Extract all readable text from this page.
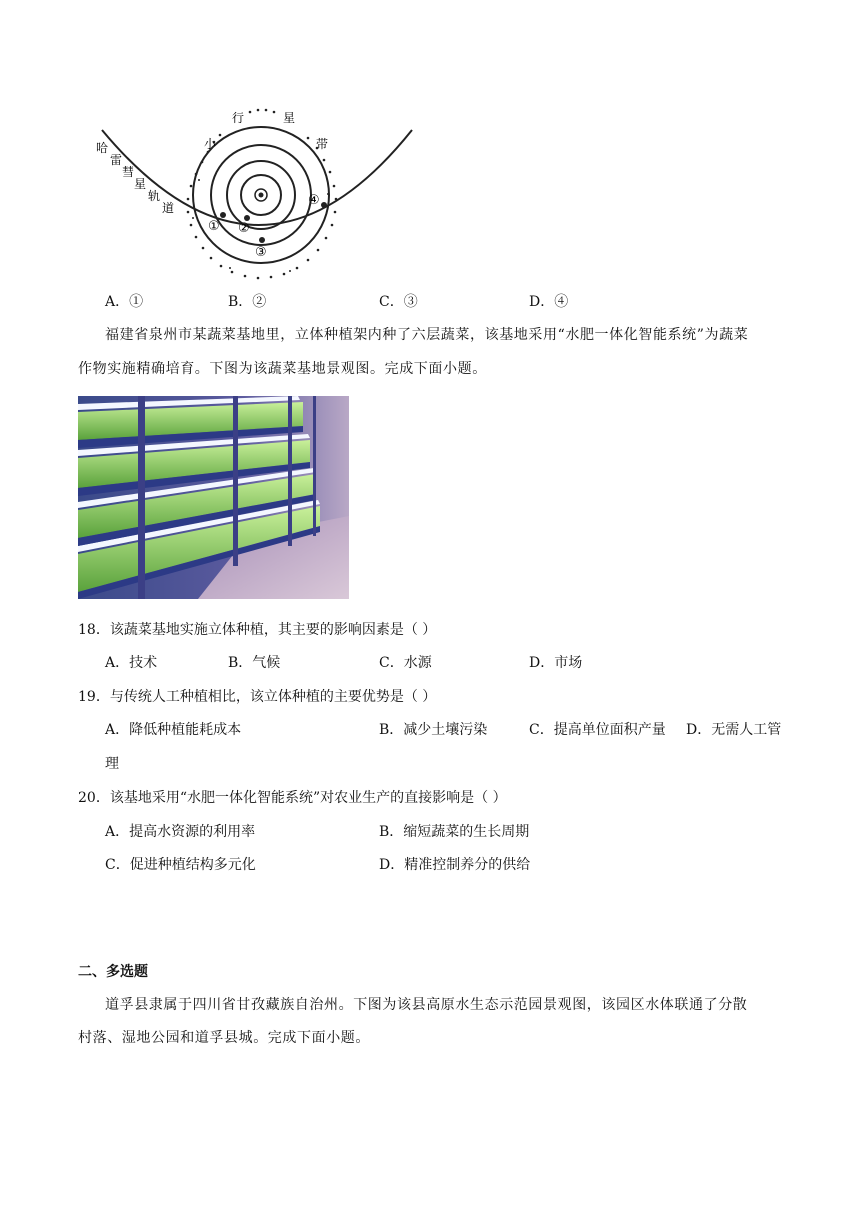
哈
雷
彗
星
轨
道
行	星
小	带
① ②
③
④
A．①	B．②	C．③	D．④
福建省泉州市某蔬菜基地里，立体种植架内种了六层蔬菜，该基地采用“水肥一体化智能系统”为蔬菜
作物实施精确培育。下图为该蔬菜基地景观图。完成下面小题。
18．该蔬菜基地实施立体种植，其主要的影响因素是（ ）
A．技术	B．气候	C．水源	D．市场
19．与传统人工种植相比，该立体种植的主要优势是（ ）
A．降低种植能耗成本	B．减少土壤污染	C．提高单位面积产量 D．无需人工管
理
20．该基地采用“水肥一体化智能系统”对农业生产的直接影响是（ ）
A．提高水资源的利用率	B．缩短蔬菜的生长周期
C．促进种植结构多元化	D．精准控制养分的供给
二、多选题
道孚县隶属于四川省甘孜藏族自治州。下图为该县高原水生态示范园景观图，该园区水体联通了分散
村落、湿地公园和道孚县城。完成下面小题。
